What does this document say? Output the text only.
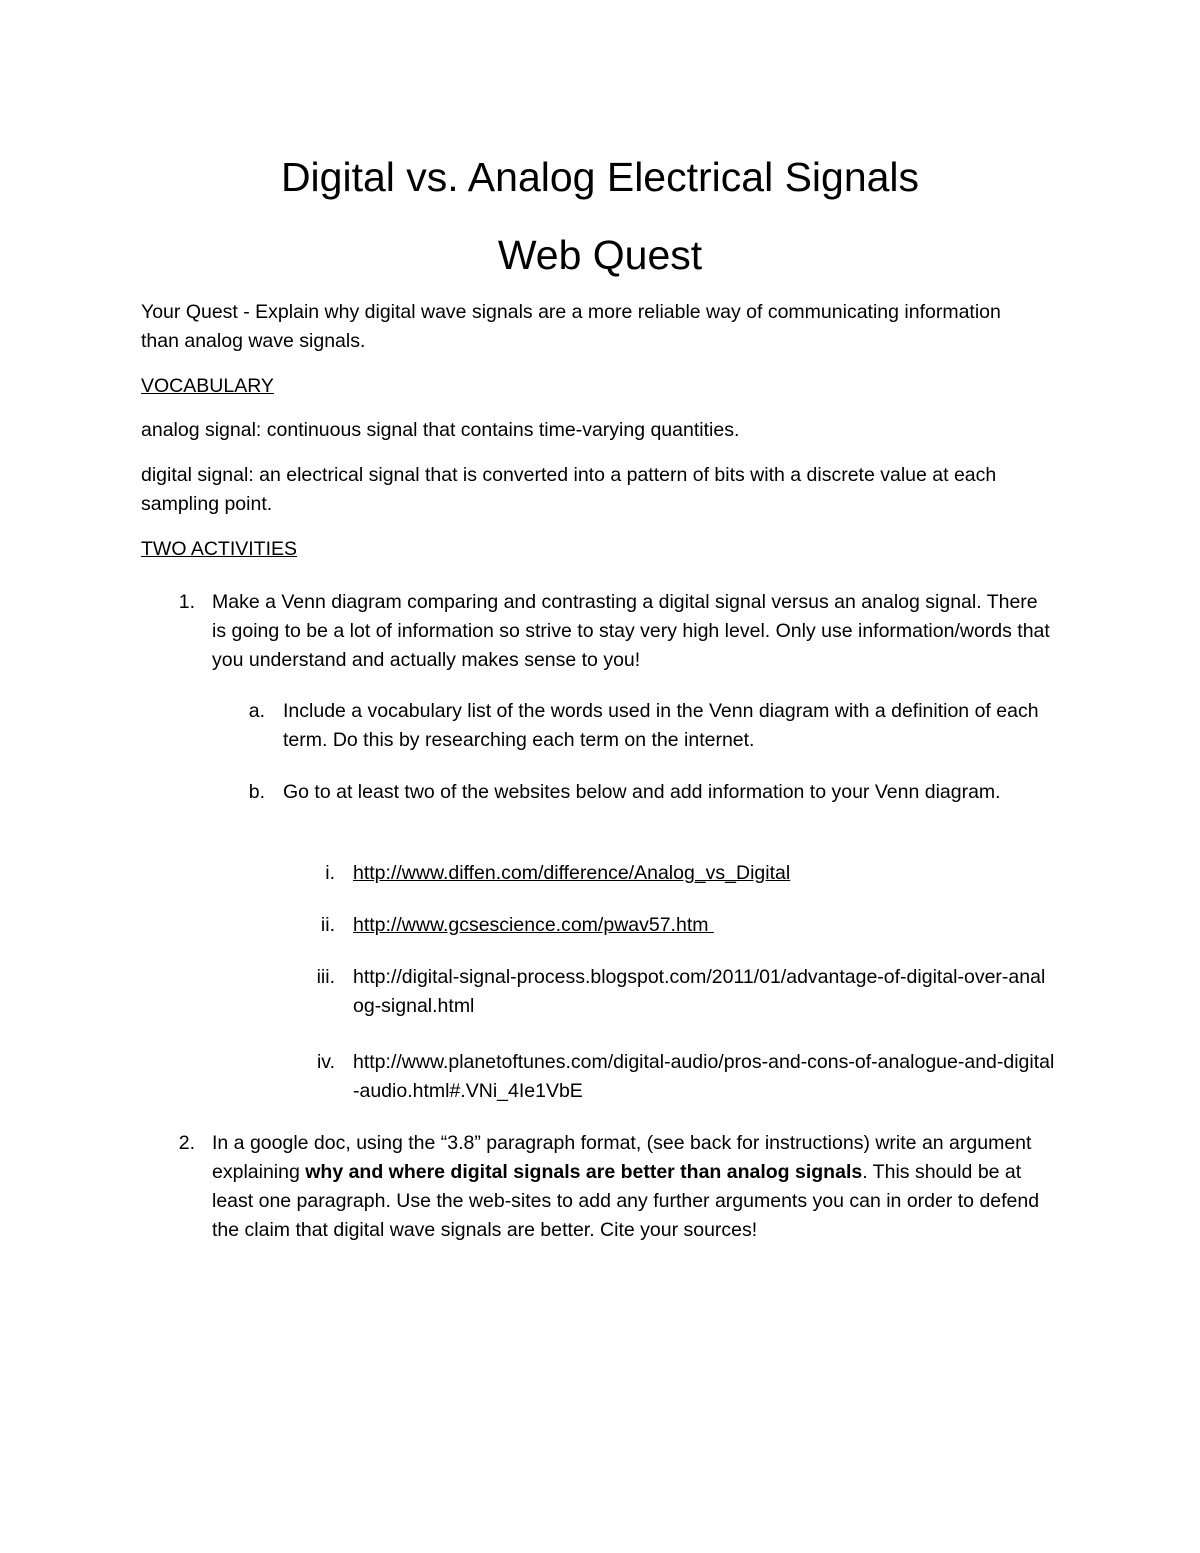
Digital vs. Analog Electrical Signals
Web Quest

Your Quest - Explain why digital wave signals are a more reliable way of communicating information than analog wave signals.

VOCABULARY

analog signal: continuous signal that contains time-varying quantities.

digital signal: an electrical signal that is converted into a pattern of bits with a discrete value at each sampling point.

TWO ACTIVITIES

1. Make a Venn diagram comparing and contrasting a digital signal versus an analog signal. There is going to be a lot of information so strive to stay very high level. Only use information/words that you understand and actually makes sense to you!

a. Include a vocabulary list of the words used in the Venn diagram with a definition of each term. Do this by researching each term on the internet.

b. Go to at least two of the websites below and add information to your Venn diagram.

i. http://www.diffen.com/difference/Analog_vs_Digital
ii. http://www.gcsescience.com/pwav57.htm
iii. http://digital-signal-process.blogspot.com/2011/01/advantage-of-digital-over-analog-signal.html
iv. http://www.planetoftunes.com/digital-audio/pros-and-cons-of-analogue-and-digital-audio.html#.VNi_4Ie1VbE
2. In a google doc, using the “3.8” paragraph format, (see back for instructions) write an argument explaining why and where digital signals are better than analog signals. This should be at least one paragraph. Use the web-sites to add any further arguments you can in order to defend the claim that digital wave signals are better. Cite your sources!
